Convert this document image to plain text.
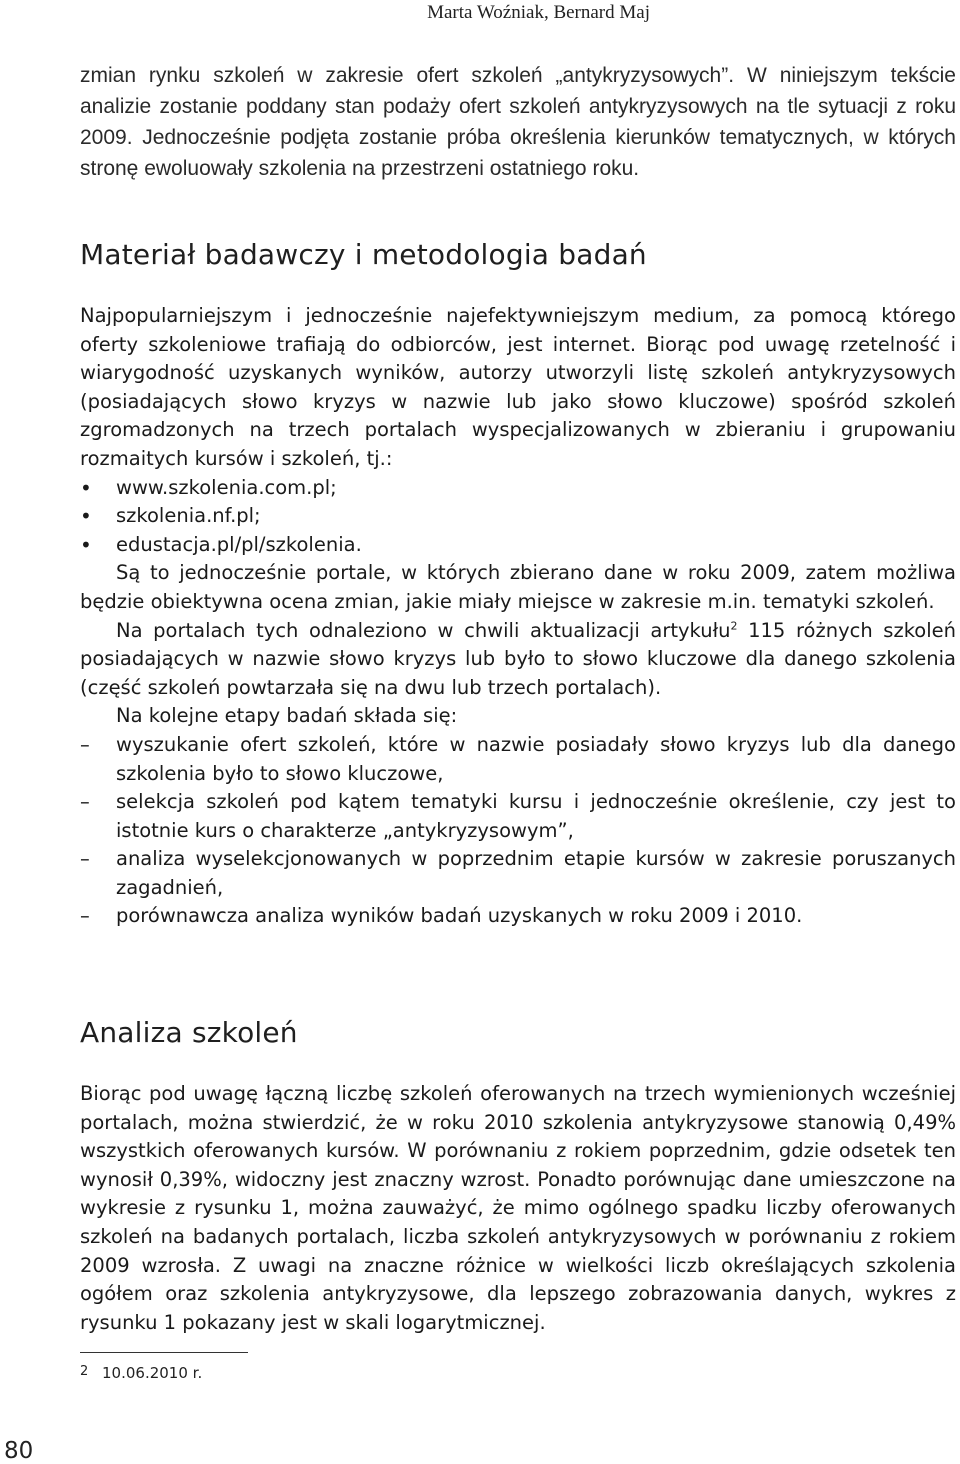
Marta Woźniak, Bernard Maj

zmian rynku szkoleń w zakresie ofert szkoleń „antykryzysowych”. W niniejszym tekście analizie zostanie poddany stan podaży ofert szkoleń antykryzysowych na tle sytuacji z roku 2009. Jednocześnie podjęta zostanie próba określenia kierunków tematycznych, w których stronę ewoluowały szkolenia na przestrzeni ostatniego roku.

Materiał badawczy i metodologia badań

Najpopularniejszym i jednocześnie najefektywniejszym medium, za pomocą którego oferty szkoleniowe trafiają do odbiorców, jest internet. Biorąc pod uwagę rzetelność i wiarygodność uzyskanych wyników, autorzy utworzyli listę szkoleń antykryzysowych (posiadających słowo kryzys w nazwie lub jako słowo kluczowe) spośród szkoleń zgromadzonych na trzech portalach wyspecjalizowanych w zbieraniu i grupowaniu rozmaitych kursów i szkoleń, tj.:

• www.szkolenia.com.pl;
• szkolenia.nf.pl;
• edustacja.pl/pl/szkolenia.

Są to jednocześnie portale, w których zbierano dane w roku 2009, zatem możliwa będzie obiektywna ocena zmian, jakie miały miejsce w zakresie m.in. tematyki szkoleń.

Na portalach tych odnaleziono w chwili aktualizacji artykułu$^2$ 115 różnych szkoleń posiadających w nazwie słowo kryzys lub było to słowo kluczowe dla danego szkolenia (część szkoleń powtarzała się na dwu lub trzech portalach).

Na kolejne etapy badań składa się:

– wyszukanie ofert szkoleń, które w nazwie posiadały słowo kryzys lub dla danego szkolenia było to słowo kluczowe,
– selekcja szkoleń pod kątem tematyki kursu i jednocześnie określenie, czy jest to istotnie kurs o charakterze „antykryzysowym”,
– analiza wyselekcjonowanych w poprzednim etapie kursów w zakresie poruszanych zagadnień,
– porównawcza analiza wyników badań uzyskanych w roku 2009 i 2010.
Analiza szkoleń

Biorąc pod uwagę łączną liczbę szkoleń oferowanych na trzech wymienionych wcześniej portalach, można stwierdzić, że w roku 2010 szkolenia antykryzysowe stanowią 0,49% wszystkich oferowanych kursów. W porównaniu z rokiem poprzednim, gdzie odsetek ten wynosił 0,39%, widoczny jest znaczny wzrost. Ponadto porównując dane umieszczone na wykresie z rysunku 1, można zauważyć, że mimo ogólnego spadku liczby oferowanych szkoleń na badanych portalach, liczba szkoleń antykryzysowych w porównaniu z rokiem 2009 wzrosła. Z uwagi na znaczne różnice w wielkości liczb określających szkolenia ogółem oraz szkolenia antykryzysowe, dla lepszego zobrazowania danych, wykres z rysunku 1 pokazany jest w skali logarytmicznej.

2 10.06.2010 r.
80
